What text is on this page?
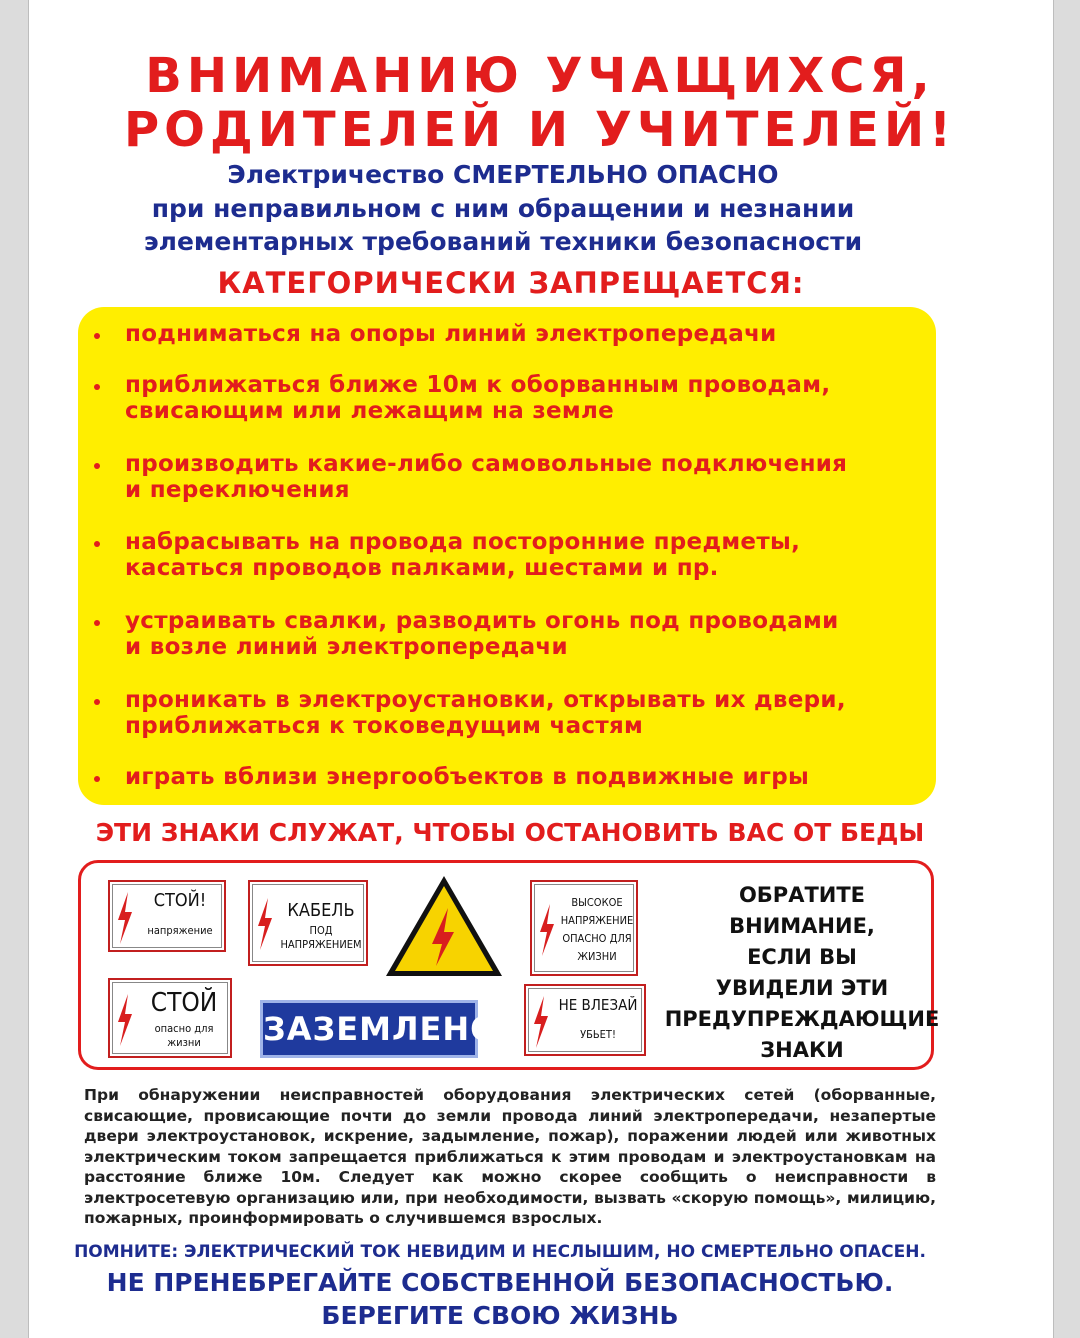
ВНИМАНИЮ УЧАЩИХСЯ,
РОДИТЕЛЕЙ И УЧИТЕЛЕЙ!
Электричество СМЕРТЕЛЬНО ОПАСНО
при неправильном с ним обращении и незнании
элементарных требований техники безопасности
КАТЕГОРИЧЕСКИ ЗАПРЕЩАЕТСЯ:
подниматься на опоры линий электропередачи
приближаться ближе 10м к оборванным проводам,
свисающим или лежащим на земле
производить какие-либо самовольные подключения
и переключения
набрасывать на провода посторонние предметы,
касаться проводов палками, шестами и пр.
устраивать свалки, разводить огонь под проводами
и возле линий электропередачи
проникать в электроустановки, открывать их двери,
приближаться к токоведущим частям
играть вблизи энергообъектов в подвижные игры
ЭТИ ЗНАКИ СЛУЖАТ, ЧТОБЫ ОСТАНОВИТЬ ВАС ОТ БЕДЫ
СТОЙ!
напряжение
КАБЕЛЬ
ПОД
НАПРЯЖЕНИЕМ
ВЫСОКОЕ
НАПРЯЖЕНИЕ
ОПАСНО ДЛЯ
ЖИЗНИ
СТОЙ
опасно для
жизни	ЗАЗЕМЛЕНО
НЕ ВЛЕЗАЙ
УБЬЕТ!
ОБРАТИТЕ
ВНИМАНИЕ,
ЕСЛИ ВЫ
УВИДЕЛИ ЭТИ
ПРЕДУПРЕЖДАЮЩИЕ
ЗНАКИ
При обнаружении неисправностей оборудования электрических сетей (оборванные, свисающие, провисающие почти до земли провода линий электропередачи, незапертые двери электроустановок, искрение, задымление, пожар), поражении людей или животных электрическим током запрещается приближаться к этим проводам и электроустановкам на расстояние ближе 10м. Следует как можно скорее сообщить о неисправности в электросетевую организацию или, при необходимости, вызвать «скорую помощь», милицию, пожарных, проинформировать о случившемся взрослых.
ПОМНИТЕ: ЭЛЕКТРИЧЕСКИЙ ТОК НЕВИДИМ И НЕСЛЫШИМ, НО СМЕРТЕЛЬНО ОПАСЕН.
НЕ ПРЕНЕБРЕГАЙТЕ СОБСТВЕННОЙ БЕЗОПАСНОСТЬЮ.
БЕРЕГИТЕ СВОЮ ЖИЗНЬ
